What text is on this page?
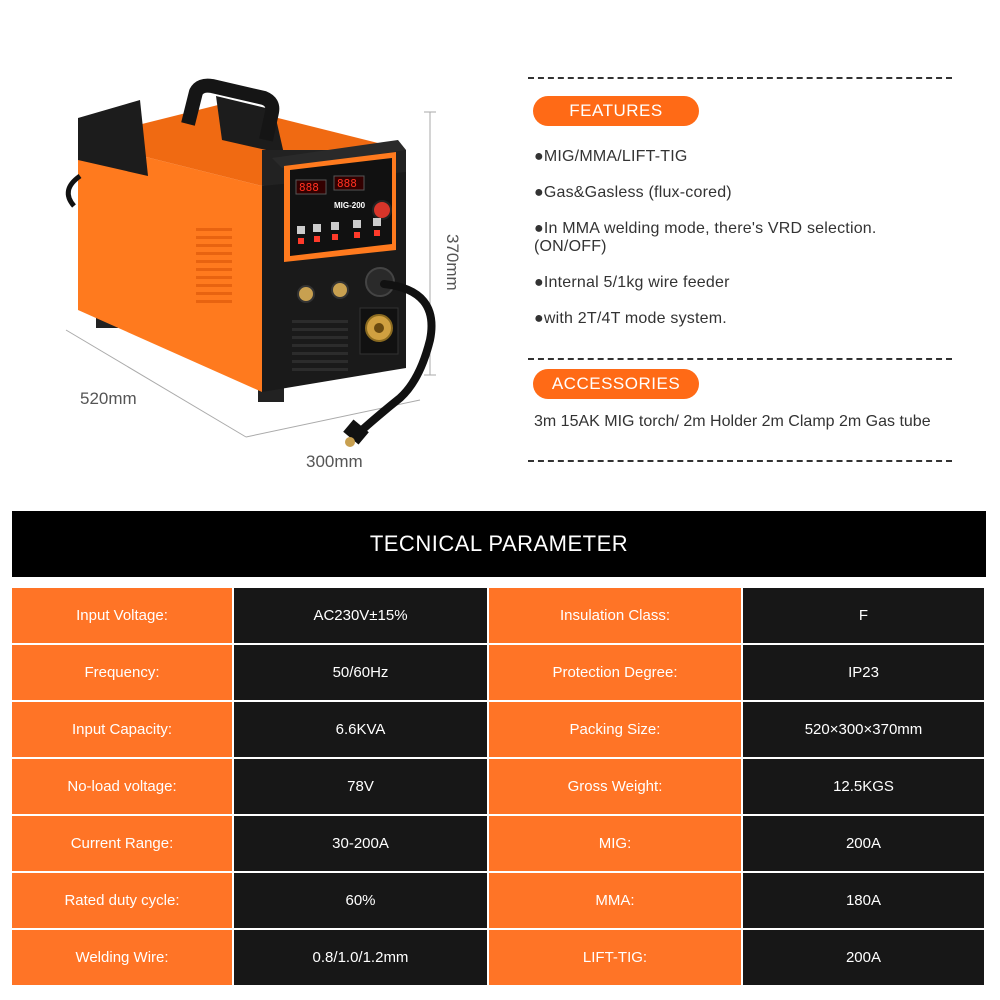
888 888
MIG-200
520mm
300mm
370mm
FEATURES
●MIG/MMA/LIFT-TIG
●Gas&Gasless (flux-cored)
●In MMA welding mode, there's VRD selection. (ON/OFF)
●Internal 5/1kg wire feeder
●with 2T/4T mode system.
ACCESSORIES
3m 15AK MIG torch/ 2m Holder 2m Clamp 2m Gas tube
TECNICAL PARAMETER
Input Voltage:	AC230V±15%	Insulation Class:	F
Frequency:	50/60Hz	Protection Degree:	IP23
Input Capacity:	6.6KVA	Packing Size:	520×300×370mm
No-load voltage:	78V	Gross Weight:	12.5KGS
Current Range:	30-200A	MIG:	200A
Rated duty cycle:	60%	MMA:	180A
Welding Wire:	0.8/1.0/1.2mm	LIFT-TIG:	200A
